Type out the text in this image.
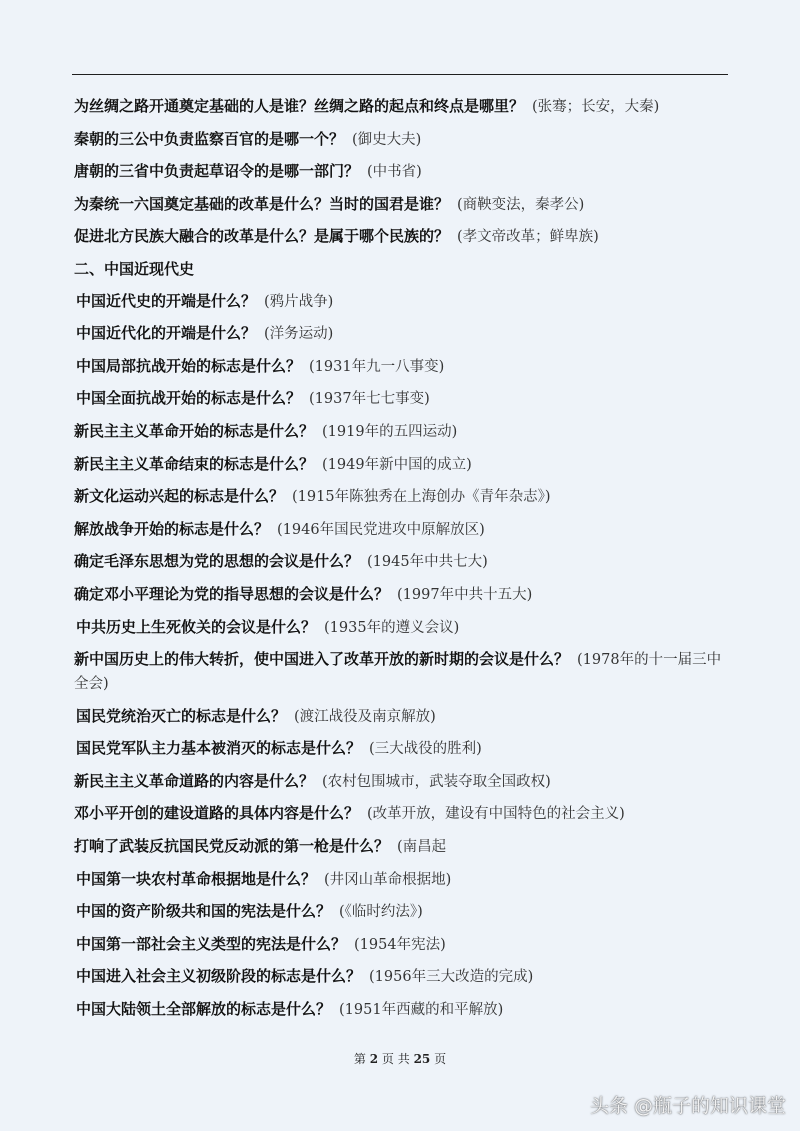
为丝绸之路开通奠定基础的人是谁？丝绸之路的起点和终点是哪里？ (张骞；长安，大秦)
秦朝的三公中负责监察百官的是哪一个？ (御史大夫)
唐朝的三省中负责起草诏令的是哪一部门？ (中书省)
为秦统一六国奠定基础的改革是什么？当时的国君是谁？ (商鞅变法，秦孝公)
促进北方民族大融合的改革是什么？是属于哪个民族的？ (孝文帝改革；鲜卑族)
二、中国近现代史
中国近代史的开端是什么？ (鸦片战争)
中国近代化的开端是什么？ (洋务运动)
中国局部抗战开始的标志是什么？ (1931年九一八事变)
中国全面抗战开始的标志是什么？ (1937年七七事变)
新民主主义革命开始的标志是什么？ (1919年的五四运动)
新民主主义革命结束的标志是什么？ (1949年新中国的成立)
新文化运动兴起的标志是什么？ (1915年陈独秀在上海创办《青年杂志》)
解放战争开始的标志是什么？ (1946年国民党进攻中原解放区)
确定毛泽东思想为党的思想的会议是什么？ (1945年中共七大)
确定邓小平理论为党的指导思想的会议是什么？ (1997年中共十五大)
中共历史上生死攸关的会议是什么？ (1935年的遵义会议)
新中国历史上的伟大转折，使中国进入了改革开放的新时期的会议是什么？ (1978年的十一届三中全会)
国民党统治灭亡的标志是什么？ (渡江战役及南京解放)
国民党军队主力基本被消灭的标志是什么？ (三大战役的胜利)
新民主主义革命道路的内容是什么？ (农村包围城市，武装夺取全国政权)
邓小平开创的建设道路的具体内容是什么？ (改革开放，建设有中国特色的社会主义)
打响了武装反抗国民党反动派的第一枪是什么？ (南昌起
中国第一块农村革命根据地是什么？ (井冈山革命根据地)
中国的资产阶级共和国的宪法是什么？ (《临时约法》)
中国第一部社会主义类型的宪法是什么？ (1954年宪法)
中国进入社会主义初级阶段的标志是什么？ (1956年三大改造的完成)
中国大陆领土全部解放的标志是什么？ (1951年西藏的和平解放)
第 2 页 共 25 页
头条 @瓶子的知识课堂
